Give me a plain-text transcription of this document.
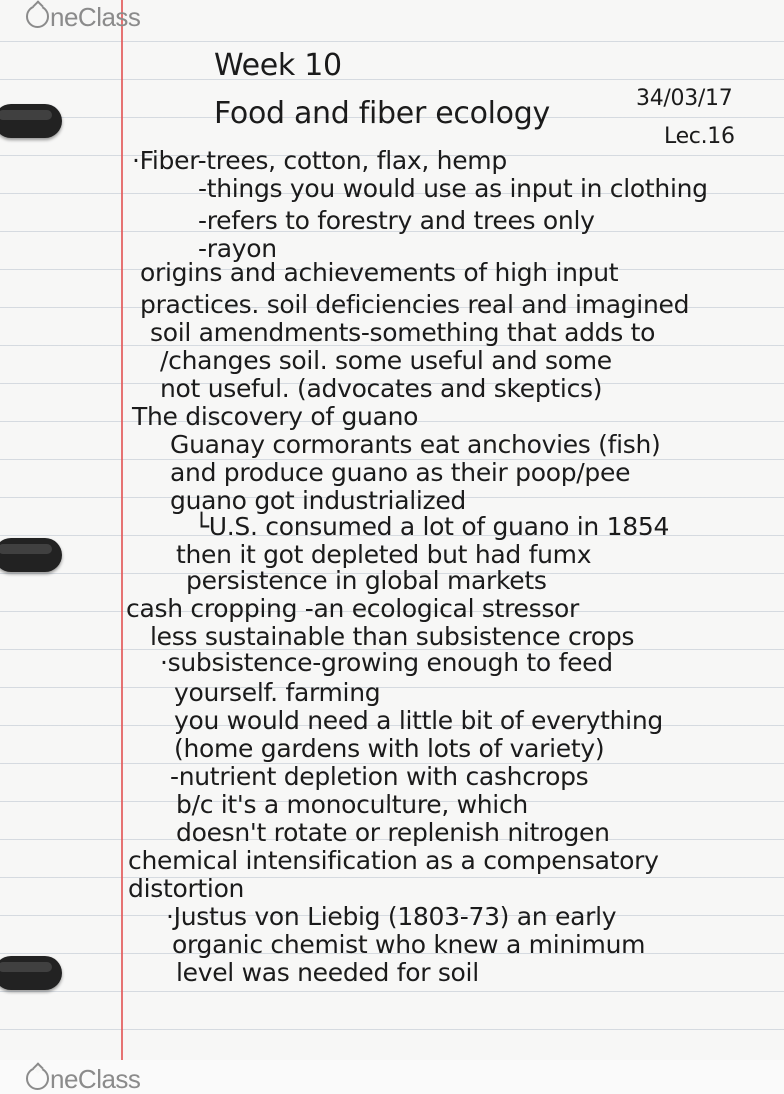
neClass
Week 10
Food and fiber ecology	34/03/17
Lec.16
·Fiber-trees, cotton, flax, hemp
-things you would use as input in clothing
-refers to forestry and trees only
-rayon
origins and achievements of high input
practices. soil deficiencies real and imagined
soil amendments-something that adds to
/changes soil. some useful and some
not useful. (advocates and skeptics)
The discovery of guano
Guanay cormorants eat anchovies (fish)
and produce guano as their poop/pee
guano got industrialized
└U.S. consumed a lot of guano in 1854
then it got depleted but had fumx
persistence in global markets
cash cropping -an ecological stressor
less sustainable than subsistence crops
·subsistence-growing enough to feed
yourself. farming
you would need a little bit of everything
(home gardens with lots of variety)
-nutrient depletion with cashcrops
b/c it's a monoculture, which
doesn't rotate or replenish nitrogen
chemical intensification as a compensatory
distortion
·Justus von Liebig (1803-73) an early
organic chemist who knew a minimum
level was needed for soil
neClass
